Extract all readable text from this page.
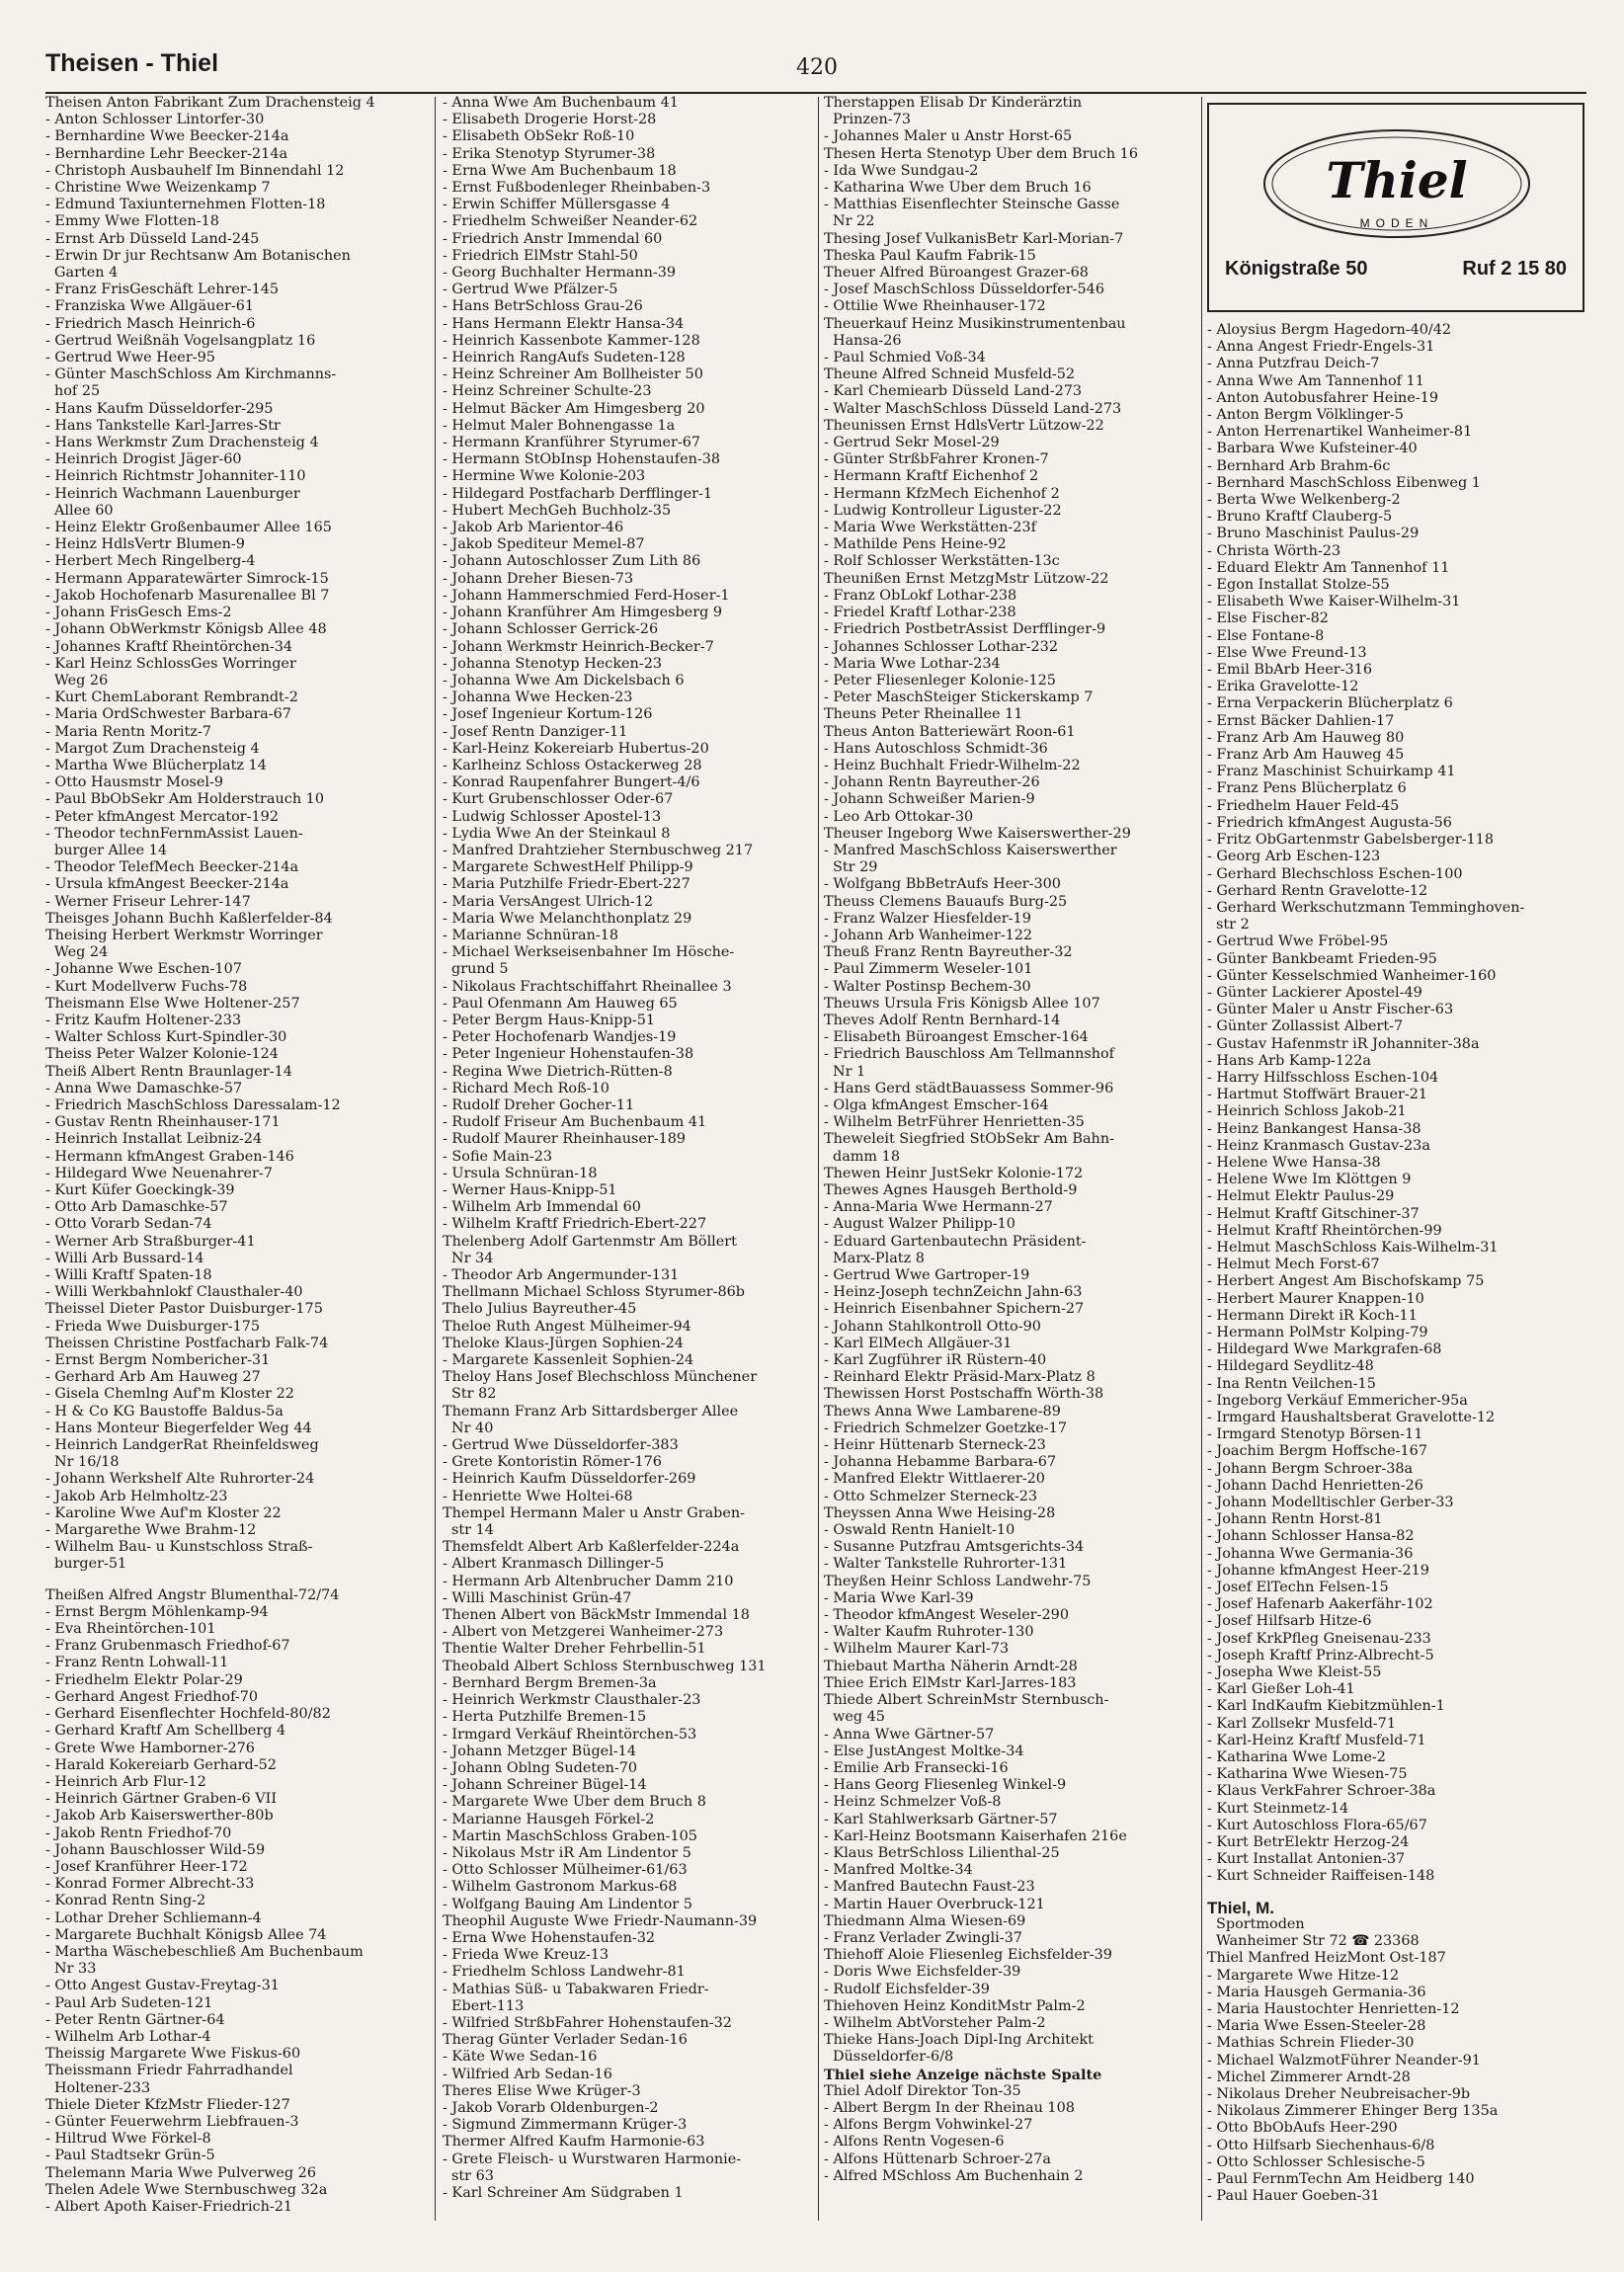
Theisen - Thiel	420
Theisen Anton Fabrikant Zum Drachensteig 4
- Anton Schlosser Lintorfer-30
- Bernhardine Wwe Beecker-214a
- Bernhardine Lehr Beecker-214a
- Christoph Ausbauhelf Im Binnendahl 12
- Christine Wwe Weizenkamp 7
- Edmund Taxiunternehmen Flotten-18
- Emmy Wwe Flotten-18
- Ernst Arb Düsseld Land-245
- Erwin Dr jur Rechtsanw Am Botanischen
Garten 4
- Franz FrisGeschäft Lehrer-145
- Franziska Wwe Allgäuer-61
- Friedrich Masch Heinrich-6
- Gertrud Weißnäh Vogelsangplatz 16
- Gertrud Wwe Heer-95
- Günter MaschSchloss Am Kirchmanns-
hof 25
- Hans Kaufm Düsseldorfer-295
- Hans Tankstelle Karl-Jarres-Str
- Hans Werkmstr Zum Drachensteig 4
- Heinrich Drogist Jäger-60
- Heinrich Richtmstr Johanniter-110
- Heinrich Wachmann Lauenburger
Allee 60
- Heinz Elektr Großenbaumer Allee 165
- Heinz HdlsVertr Blumen-9
- Herbert Mech Ringelberg-4
- Hermann Apparatewärter Simrock-15
- Jakob Hochofenarb Masurenallee Bl 7
- Johann FrisGesch Ems-2
- Johann ObWerkmstr Königsb Allee 48
- Johannes Kraftf Rheintörchen-34
- Karl Heinz SchlossGes Worringer
Weg 26
- Kurt ChemLaborant Rembrandt-2
- Maria OrdSchwester Barbara-67
- Maria Rentn Moritz-7
- Margot Zum Drachensteig 4
- Martha Wwe Blücherplatz 14
- Otto Hausmstr Mosel-9
- Paul BbObSekr Am Holderstrauch 10
- Peter kfmAngest Mercator-192
- Theodor technFernmAssist Lauen-
burger Allee 14
- Theodor TelefMech Beecker-214a
- Ursula kfmAngest Beecker-214a
- Werner Friseur Lehrer-147
Theisges Johann Buchh Kaßlerfelder-84
Theising Herbert Werkmstr Worringer
Weg 24
- Johanne Wwe Eschen-107
- Kurt Modellverw Fuchs-78
Theismann Else Wwe Holtener-257
- Fritz Kaufm Holtener-233
- Walter Schloss Kurt-Spindler-30
Theiss Peter Walzer Kolonie-124
Theiß Albert Rentn Braunlager-14
- Anna Wwe Damaschke-57
- Friedrich MaschSchloss Daressalam-12
- Gustav Rentn Rheinhauser-171
- Heinrich Installat Leibniz-24
- Hermann kfmAngest Graben-146
- Hildegard Wwe Neuenahrer-7
- Kurt Küfer Goeckingk-39
- Otto Arb Damaschke-57
- Otto Vorarb Sedan-74
- Werner Arb Straßburger-41
- Willi Arb Bussard-14
- Willi Kraftf Spaten-18
- Willi Werkbahnlokf Clausthaler-40
Theissel Dieter Pastor Duisburger-175
- Frieda Wwe Duisburger-175
Theissen Christine Postfacharb Falk-74
- Ernst Bergm Nombericher-31
- Gerhard Arb Am Hauweg 27
- Gisela Chemlng Auf'm Kloster 22
- H & Co KG Baustoffe Baldus-5a
- Hans Monteur Biegerfelder Weg 44
- Heinrich LandgerRat Rheinfeldsweg
Nr 16/18
- Johann Werkshelf Alte Ruhrorter-24
- Jakob Arb Helmholtz-23
- Karoline Wwe Auf'm Kloster 22
- Margarethe Wwe Brahm-12
- Wilhelm Bau- u Kunstschloss Straß-
burger-51
Theißen Alfred Angstr Blumenthal-72/74
- Ernst Bergm Möhlenkamp-94
- Eva Rheintörchen-101
- Franz Grubenmasch Friedhof-67
- Franz Rentn Lohwall-11
- Friedhelm Elektr Polar-29
- Gerhard Angest Friedhof-70
- Gerhard Eisenflechter Hochfeld-80/82
- Gerhard Kraftf Am Schellberg 4
- Grete Wwe Hamborner-276
- Harald Kokereiarb Gerhard-52
- Heinrich Arb Flur-12
- Heinrich Gärtner Graben-6 VII
- Jakob Arb Kaiserswerther-80b
- Jakob Rentn Friedhof-70
- Johann Bauschlosser Wild-59
- Josef Kranführer Heer-172
- Konrad Former Albrecht-33
- Konrad Rentn Sing-2
- Lothar Dreher Schliemann-4
- Margarete Buchhalt Königsb Allee 74
- Martha Wäschebeschließ Am Buchenbaum
Nr 33
- Otto Angest Gustav-Freytag-31
- Paul Arb Sudeten-121
- Peter Rentn Gärtner-64
- Wilhelm Arb Lothar-4
Theissig Margarete Wwe Fiskus-60
Theissmann Friedr Fahrradhandel
Holtener-233
Thiele Dieter KfzMstr Flieder-127
- Günter Feuerwehrm Liebfrauen-3
- Hiltrud Wwe Förkel-8
- Paul Stadtsekr Grün-5
Thelemann Maria Wwe Pulverweg 26
Thelen Adele Wwe Sternbuschweg 32a
- Albert Apoth Kaiser-Friedrich-21
- Anna Wwe Am Buchenbaum 41
- Elisabeth Drogerie Horst-28
- Elisabeth ObSekr Roß-10
- Erika Stenotyp Styrumer-38
- Erna Wwe Am Buchenbaum 18
- Ernst Fußbodenleger Rheinbaben-3
- Erwin Schiffer Müllersgasse 4
- Friedhelm Schweißer Neander-62
- Friedrich Anstr Immendal 60
- Friedrich ElMstr Stahl-50
- Georg Buchhalter Hermann-39
- Gertrud Wwe Pfälzer-5
- Hans BetrSchloss Grau-26
- Hans Hermann Elektr Hansa-34
- Heinrich Kassenbote Kammer-128
- Heinrich RangAufs Sudeten-128
- Heinz Schreiner Am Bollheister 50
- Heinz Schreiner Schulte-23
- Helmut Bäcker Am Himgesberg 20
- Helmut Maler Bohnengasse 1a
- Hermann Kranführer Styrumer-67
- Hermann StObInsp Hohenstaufen-38
- Hermine Wwe Kolonie-203
- Hildegard Postfacharb Derfflinger-1
- Hubert MechGeh Buchholz-35
- Jakob Arb Marientor-46
- Jakob Spediteur Memel-87
- Johann Autoschlosser Zum Lith 86
- Johann Dreher Biesen-73
- Johann Hammerschmied Ferd-Hoser-1
- Johann Kranführer Am Himgesberg 9
- Johann Schlosser Gerrick-26
- Johann Werkmstr Heinrich-Becker-7
- Johanna Stenotyp Hecken-23
- Johanna Wwe Am Dickelsbach 6
- Johanna Wwe Hecken-23
- Josef Ingenieur Kortum-126
- Josef Rentn Danziger-11
- Karl-Heinz Kokereiarb Hubertus-20
- Karlheinz Schloss Ostackerweg 28
- Konrad Raupenfahrer Bungert-4/6
- Kurt Grubenschlosser Oder-67
- Ludwig Schlosser Apostel-13
- Lydia Wwe An der Steinkaul 8
- Manfred Drahtzieher Sternbuschweg 217
- Margarete SchwestHelf Philipp-9
- Maria Putzhilfe Friedr-Ebert-227
- Maria VersAngest Ulrich-12
- Maria Wwe Melanchthonplatz 29
- Marianne Schnüran-18
- Michael Werkseisenbahner Im Hösche-
grund 5
- Nikolaus Frachtschiffahrt Rheinallee 3
- Paul Ofenmann Am Hauweg 65
- Peter Bergm Haus-Knipp-51
- Peter Hochofenarb Wandjes-19
- Peter Ingenieur Hohenstaufen-38
- Regina Wwe Dietrich-Rütten-8
- Richard Mech Roß-10
- Rudolf Dreher Gocher-11
- Rudolf Friseur Am Buchenbaum 41
- Rudolf Maurer Rheinhauser-189
- Sofie Main-23
- Ursula Schnüran-18
- Werner Haus-Knipp-51
- Wilhelm Arb Immendal 60
- Wilhelm Kraftf Friedrich-Ebert-227
Thelenberg Adolf Gartenmstr Am Böllert
Nr 34
- Theodor Arb Angermunder-131
Thellmann Michael Schloss Styrumer-86b
Thelo Julius Bayreuther-45
Theloe Ruth Angest Mülheimer-94
Theloke Klaus-Jürgen Sophien-24
- Margarete Kassenleit Sophien-24
Theloy Hans Josef Blechschloss Münchener
Str 82
Themann Franz Arb Sittardsberger Allee
Nr 40
- Gertrud Wwe Düsseldorfer-383
- Grete Kontoristin Römer-176
- Heinrich Kaufm Düsseldorfer-269
- Henriette Wwe Holtei-68
Thempel Hermann Maler u Anstr Graben-
str 14
Themsfeldt Albert Arb Kaßlerfelder-224a
- Albert Kranmasch Dillinger-5
- Hermann Arb Altenbrucher Damm 210
- Willi Maschinist Grün-47
Thenen Albert von BäckMstr Immendal 18
- Albert von Metzgerei Wanheimer-273
Thentie Walter Dreher Fehrbellin-51
Theobald Albert Schloss Sternbuschweg 131
- Bernhard Bergm Bremen-3a
- Heinrich Werkmstr Clausthaler-23
- Herta Putzhilfe Bremen-15
- Irmgard Verkäuf Rheintörchen-53
- Johann Metzger Bügel-14
- Johann Oblng Sudeten-70
- Johann Schreiner Bügel-14
- Margarete Wwe Über dem Bruch 8
- Marianne Hausgeh Förkel-2
- Martin MaschSchloss Graben-105
- Nikolaus Mstr iR Am Lindentor 5
- Otto Schlosser Mülheimer-61/63
- Wilhelm Gastronom Markus-68
- Wolfgang Bauing Am Lindentor 5
Theophil Auguste Wwe Friedr-Naumann-39
- Erna Wwe Hohenstaufen-32
- Frieda Wwe Kreuz-13
- Friedhelm Schloss Landwehr-81
- Mathias Süß- u Tabakwaren Friedr-
Ebert-113
- Wilfried StrßbFahrer Hohenstaufen-32
Therag Günter Verlader Sedan-16
- Käte Wwe Sedan-16
- Wilfried Arb Sedan-16
Theres Elise Wwe Krüger-3
- Jakob Vorarb Oldenburgen-2
- Sigmund Zimmermann Krüger-3
Thermer Alfred Kaufm Harmonie-63
- Grete Fleisch- u Wurstwaren Harmonie-
str 63
- Karl Schreiner Am Südgraben 1
Therstappen Elisab Dr Kinderärztin
Prinzen-73
- Johannes Maler u Anstr Horst-65
Thesen Herta Stenotyp Über dem Bruch 16
- Ida Wwe Sundgau-2
- Katharina Wwe Über dem Bruch 16
- Matthias Eisenflechter Steinsche Gasse
Nr 22
Thesing Josef VulkanisBetr Karl-Morian-7
Theska Paul Kaufm Fabrik-15
Theuer Alfred Büroangest Grazer-68
- Josef MaschSchloss Düsseldorfer-546
- Ottilie Wwe Rheinhauser-172
Theuerkauf Heinz Musikinstrumentenbau
Hansa-26
- Paul Schmied Voß-34
Theune Alfred Schneid Musfeld-52
- Karl Chemiearb Düsseld Land-273
- Walter MaschSchloss Düsseld Land-273
Theunissen Ernst HdlsVertr Lützow-22
- Gertrud Sekr Mosel-29
- Günter StrßbFahrer Kronen-7
- Hermann Kraftf Eichenhof 2
- Hermann KfzMech Eichenhof 2
- Ludwig Kontrolleur Liguster-22
- Maria Wwe Werkstätten-23f
- Mathilde Pens Heine-92
- Rolf Schlosser Werkstätten-13c
Theunißen Ernst MetzgMstr Lützow-22
- Franz ObLokf Lothar-238
- Friedel Kraftf Lothar-238
- Friedrich PostbetrAssist Derfflinger-9
- Johannes Schlosser Lothar-232
- Maria Wwe Lothar-234
- Peter Fliesenleger Kolonie-125
- Peter MaschSteiger Stickerskamp 7
Theuns Peter Rheinallee 11
Theus Anton Batteriewärt Roon-61
- Hans Autoschloss Schmidt-36
- Heinz Buchhalt Friedr-Wilhelm-22
- Johann Rentn Bayreuther-26
- Johann Schweißer Marien-9
- Leo Arb Ottokar-30
Theuser Ingeborg Wwe Kaiserswerther-29
- Manfred MaschSchloss Kaiserswerther
Str 29
- Wolfgang BbBetrAufs Heer-300
Theuss Clemens Bauaufs Burg-25
- Franz Walzer Hiesfelder-19
- Johann Arb Wanheimer-122
Theuß Franz Rentn Bayreuther-32
- Paul Zimmerm Weseler-101
- Walter Postinsp Bechem-30
Theuws Ursula Fris Königsb Allee 107
Theves Adolf Rentn Bernhard-14
- Elisabeth Büroangest Emscher-164
- Friedrich Bauschloss Am Tellmannshof
Nr 1
- Hans Gerd städtBauassess Sommer-96
- Olga kfmAngest Emscher-164
- Wilhelm BetrFührer Henrietten-35
Theweleit Siegfried StObSekr Am Bahn-
damm 18
Thewen Heinr JustSekr Kolonie-172
Thewes Agnes Hausgeh Berthold-9
- Anna-Maria Wwe Hermann-27
- August Walzer Philipp-10
- Eduard Gartenbautechn Präsident-
Marx-Platz 8
- Gertrud Wwe Gartroper-19
- Heinz-Joseph technZeichn Jahn-63
- Heinrich Eisenbahner Spichern-27
- Johann Stahlkontroll Otto-90
- Karl ElMech Allgäuer-31
- Karl Zugführer iR Rüstern-40
- Reinhard Elektr Präsid-Marx-Platz 8
Thewissen Horst Postschaffn Wörth-38
Thews Anna Wwe Lambarene-89
- Friedrich Schmelzer Goetzke-17
- Heinr Hüttenarb Sterneck-23
- Johanna Hebamme Barbara-67
- Manfred Elektr Wittlaerer-20
- Otto Schmelzer Sterneck-23
Theyssen Anna Wwe Heising-28
- Oswald Rentn Hanielt-10
- Susanne Putzfrau Amtsgerichts-34
- Walter Tankstelle Ruhrorter-131
Theyßen Heinr Schloss Landwehr-75
- Maria Wwe Karl-39
- Theodor kfmAngest Weseler-290
- Walter Kaufm Ruhroter-130
- Wilhelm Maurer Karl-73
Thiebaut Martha Näherin Arndt-28
Thiee Erich ElMstr Karl-Jarres-183
Thiede Albert SchreinMstr Sternbusch-
weg 45
- Anna Wwe Gärtner-57
- Else JustAngest Moltke-34
- Emilie Arb Fransecki-16
- Hans Georg Fliesenleg Winkel-9
- Heinz Schmelzer Voß-8
- Karl Stahlwerksarb Gärtner-57
- Karl-Heinz Bootsmann Kaiserhafen 216e
- Klaus BetrSchloss Lilienthal-25
- Manfred Moltke-34
- Manfred Bautechn Faust-23
- Martin Hauer Overbruck-121
Thiedmann Alma Wiesen-69
- Franz Verlader Zwingli-37
Thiehoff Aloie Fliesenleg Eichsfelder-39
- Doris Wwe Eichsfelder-39
- Rudolf Eichsfelder-39
Thiehoven Heinz KonditMstr Palm-2
- Wilhelm AbtVorsteher Palm-2
Thieke Hans-Joach Dipl-Ing Architekt
Düsseldorfer-6/8
Thiel siehe Anzeige nächste Spalte
Thiel Adolf Direktor Ton-35
- Albert Bergm In der Rheinau 108
- Alfons Bergm Vohwinkel-27
- Alfons Rentn Vogesen-6
- Alfons Hüttenarb Schroer-27a
- Alfred MSchloss Am Buchenhain 2
Thiel
MODEN
Königstraße 50	Ruf 2 15 80
- Aloysius Bergm Hagedorn-40/42
- Anna Angest Friedr-Engels-31
- Anna Putzfrau Deich-7
- Anna Wwe Am Tannenhof 11
- Anton Autobusfahrer Heine-19
- Anton Bergm Völklinger-5
- Anton Herrenartikel Wanheimer-81
- Barbara Wwe Kufsteiner-40
- Bernhard Arb Brahm-6c
- Bernhard MaschSchloss Eibenweg 1
- Berta Wwe Welkenberg-2
- Bruno Kraftf Clauberg-5
- Bruno Maschinist Paulus-29
- Christa Wörth-23
- Eduard Elektr Am Tannenhof 11
- Egon Installat Stolze-55
- Elisabeth Wwe Kaiser-Wilhelm-31
- Else Fischer-82
- Else Fontane-8
- Else Wwe Freund-13
- Emil BbArb Heer-316
- Erika Gravelotte-12
- Erna Verpackerin Blücherplatz 6
- Ernst Bäcker Dahlien-17
- Franz Arb Am Hauweg 80
- Franz Arb Am Hauweg 45
- Franz Maschinist Schuirkamp 41
- Franz Pens Blücherplatz 6
- Friedhelm Hauer Feld-45
- Friedrich kfmAngest Augusta-56
- Fritz ObGartenmstr Gabelsberger-118
- Georg Arb Eschen-123
- Gerhard Blechschloss Eschen-100
- Gerhard Rentn Gravelotte-12
- Gerhard Werkschutzmann Temminghoven-
str 2
- Gertrud Wwe Fröbel-95
- Günter Bankbeamt Frieden-95
- Günter Kesselschmied Wanheimer-160
- Günter Lackierer Apostel-49
- Günter Maler u Anstr Fischer-63
- Günter Zollassist Albert-7
- Gustav Hafenmstr iR Johanniter-38a
- Hans Arb Kamp-122a
- Harry Hilfsschloss Eschen-104
- Hartmut Stoffwärt Brauer-21
- Heinrich Schloss Jakob-21
- Heinz Bankangest Hansa-38
- Heinz Kranmasch Gustav-23a
- Helene Wwe Hansa-38
- Helene Wwe Im Klöttgen 9
- Helmut Elektr Paulus-29
- Helmut Kraftf Gitschiner-37
- Helmut Kraftf Rheintörchen-99
- Helmut MaschSchloss Kais-Wilhelm-31
- Helmut Mech Forst-67
- Herbert Angest Am Bischofskamp 75
- Herbert Maurer Knappen-10
- Hermann Direkt iR Koch-11
- Hermann PolMstr Kolping-79
- Hildegard Wwe Markgrafen-68
- Hildegard Seydlitz-48
- Ina Rentn Veilchen-15
- Ingeborg Verkäuf Emmericher-95a
- Irmgard Haushaltsberat Gravelotte-12
- Irmgard Stenotyp Börsen-11
- Joachim Bergm Hoffsche-167
- Johann Bergm Schroer-38a
- Johann Dachd Henrietten-26
- Johann Modelltischler Gerber-33
- Johann Rentn Horst-81
- Johann Schlosser Hansa-82
- Johanna Wwe Germania-36
- Johanne kfmAngest Heer-219
- Josef ElTechn Felsen-15
- Josef Hafenarb Aakerfähr-102
- Josef Hilfsarb Hitze-6
- Josef KrkPfleg Gneisenau-233
- Joseph Kraftf Prinz-Albrecht-5
- Josepha Wwe Kleist-55
- Karl Gießer Loh-41
- Karl IndKaufm Kiebitzmühlen-1
- Karl Zollsekr Musfeld-71
- Karl-Heinz Kraftf Musfeld-71
- Katharina Wwe Lome-2
- Katharina Wwe Wiesen-75
- Klaus VerkFahrer Schroer-38a
- Kurt Steinmetz-14
- Kurt Autoschloss Flora-65/67
- Kurt BetrElektr Herzog-24
- Kurt Installat Antonien-37
- Kurt Schneider Raiffeisen-148
Thiel, M.
Sportmoden
Wanheimer Str 72 ☎ 23368
Thiel Manfred HeizMont Ost-187
- Margarete Wwe Hitze-12
- Maria Hausgeh Germania-36
- Maria Haustochter Henrietten-12
- Maria Wwe Essen-Steeler-28
- Mathias Schrein Flieder-30
- Michael WalzmotFührer Neander-91
- Michel Zimmerer Arndt-28
- Nikolaus Dreher Neubreisacher-9b
- Nikolaus Zimmerer Ehinger Berg 135a
- Otto BbObAufs Heer-290
- Otto Hilfsarb Siechenhaus-6/8
- Otto Schlosser Schlesische-5
- Paul FernmTechn Am Heidberg 140
- Paul Hauer Goeben-31
